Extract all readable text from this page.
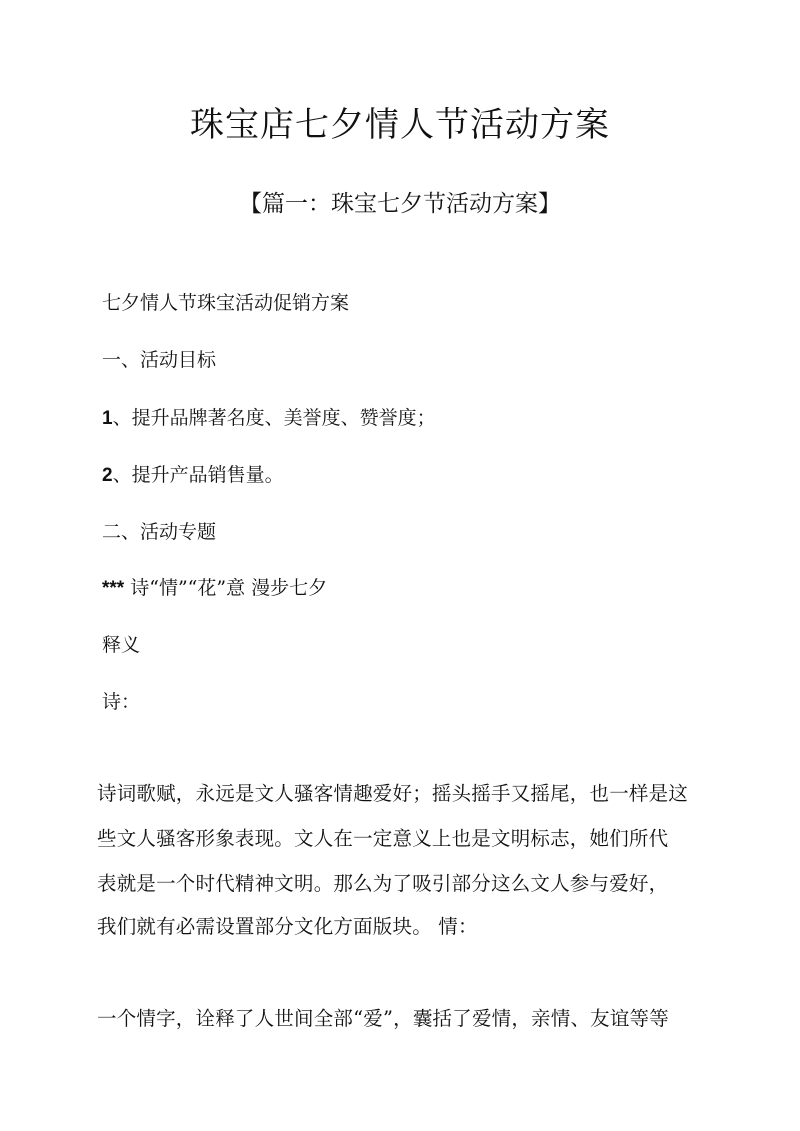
珠宝店七夕情人节活动方案
【篇一：珠宝七夕节活动方案】
七夕情人节珠宝活动促销方案
一、活动目标
1、提升品牌著名度、美誉度、赞誉度；
2、提升产品销售量。
二、活动专题
*** 诗“情”“花”意 漫步七夕
释义
诗：
诗词歌赋，永远是文人骚客情趣爱好；摇头摇手又摇尾，也一样是这
些文人骚客形象表现。文人在一定意义上也是文明标志，她们所代
表就是一个时代精神文明。那么为了吸引部分这么文人参与爱好，
我们就有必需设置部分文化方面版块。 情：
一个情字，诠释了人世间全部“爱”，囊括了爱情，亲情、友谊等等
